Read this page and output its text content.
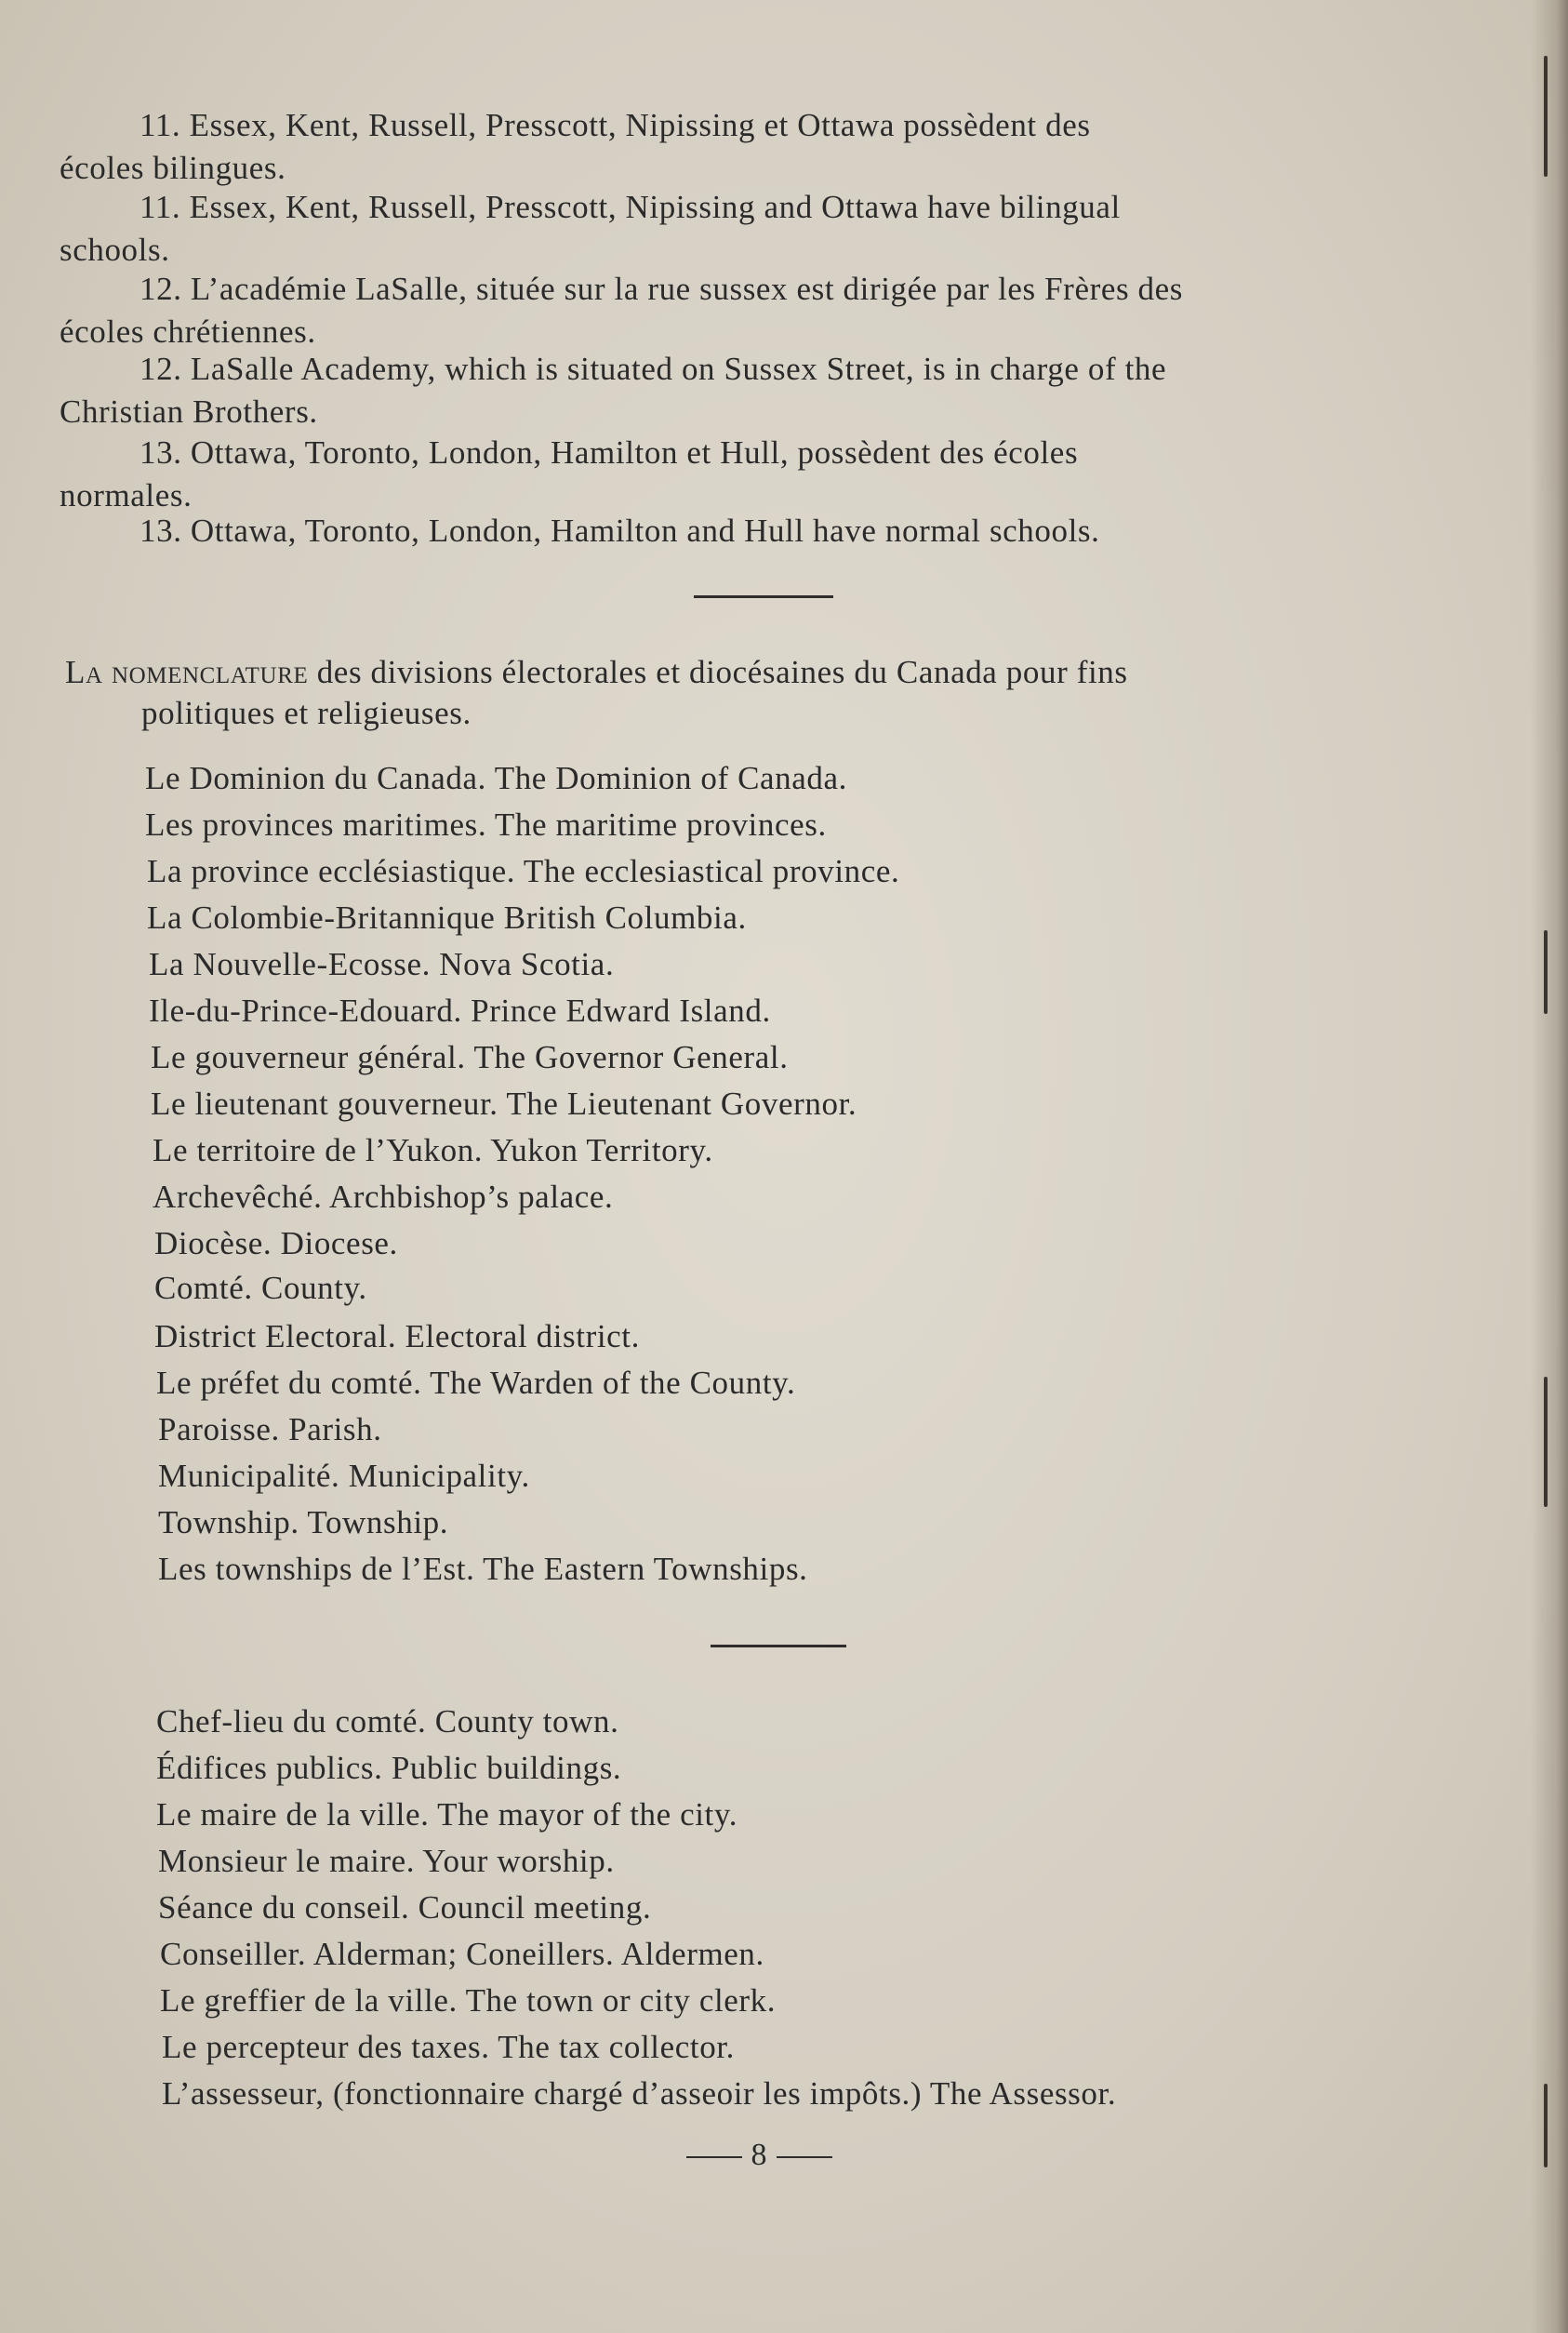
11. Essex, Kent, Russell, Presscott, Nipissing et Ottawa possèdent des
écoles bilingues.
11. Essex, Kent, Russell, Presscott, Nipissing and Ottawa have bilingual
schools.
12. L’académie LaSalle, située sur la rue sussex est dirigée par les Frères des
écoles chrétiennes.
12. LaSalle Academy, which is situated on Sussex Street, is in charge of the
Christian Brothers.
13. Ottawa, Toronto, London, Hamilton et Hull, possèdent des écoles
normales.
13. Ottawa, Toronto, London, Hamilton and Hull have normal schools.
La nomenclature des divisions électorales et diocésaines du Canada pour fins
politiques et religieuses.
Le Dominion du Canada. The Dominion of Canada.
Les provinces maritimes. The maritime provinces.
La province ecclésiastique. The ecclesiastical province.
La Colombie-Britannique British Columbia.
La Nouvelle-Ecosse. Nova Scotia.
Ile-du-Prince-Edouard. Prince Edward Island.
Le gouverneur général. The Governor General.
Le lieutenant gouverneur. The Lieutenant Governor.
Le territoire de l’Yukon. Yukon Territory.
Archevêché. Archbishop’s palace.
Diocèse. Diocese.
Comté. County.
District Electoral. Electoral district.
Le préfet du comté. The Warden of the County.
Paroisse. Parish.
Municipalité. Municipality.
Township. Township.
Les townships de l’Est. The Eastern Townships.
Chef-lieu du comté. County town.
Édifices publics. Public buildings.
Le maire de la ville. The mayor of the city.
Monsieur le maire. Your worship.
Séance du conseil. Council meeting.
Conseiller. Alderman; Coneillers. Aldermen.
Le greffier de la ville. The town or city clerk.
Le percepteur des taxes. The tax collector.
L’assesseur, (fonctionnaire chargé d’asseoir les impôts.) The Assessor.
8
